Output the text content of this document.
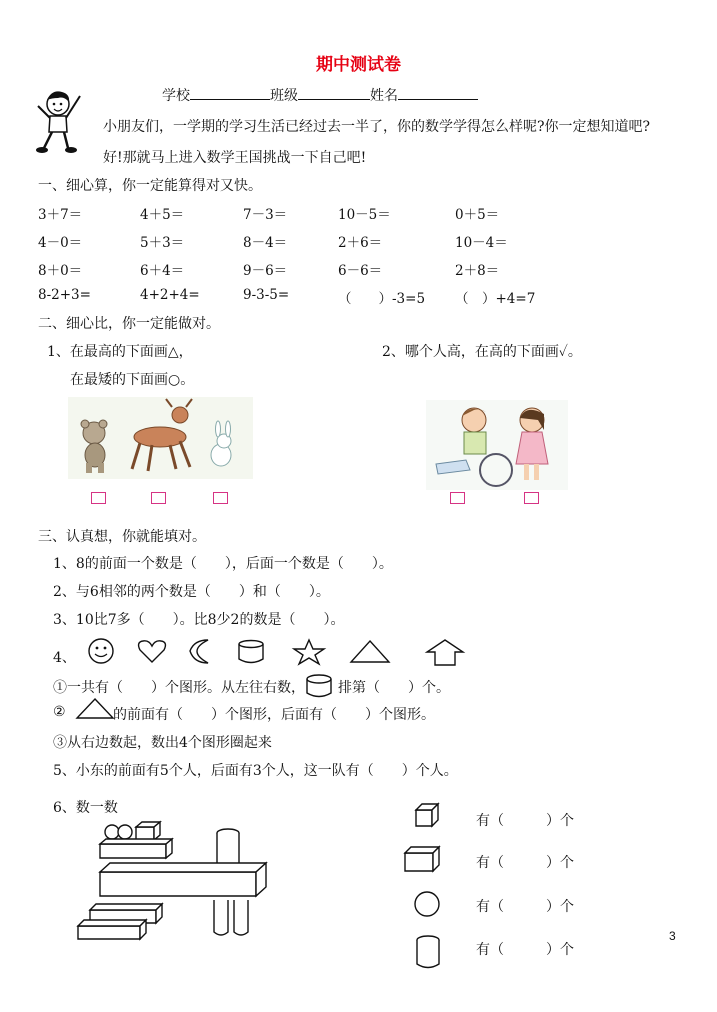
期中测试卷
学校	班级	姓名
小朋友们，一学期的学习生活已经过去一半了，你的数学学得怎么样呢?你一定想知道吧?
好!那就马上进入数学王国挑战一下自己吧!
一、细心算，你一定能算得对又快。
3＋7＝	4＋5＝	7－3＝	10－5＝	0＋5＝
4－0＝	5＋3＝	8－4＝	2＋6＝	10－4＝
8＋0＝	6＋4＝	9－6＝	6－6＝	2＋8＝
8-2+3=	4+2+4=	9-3-5=	（　　）-3=5 （　）+4=7
二、细心比，你一定能做对。
1、在最高的下面画△，
在最矮的下面画○。
2、哪个人高，在高的下面画✓。
三、认真想，你就能填对。
1、8的前面一个数是（　　），后面一个数是（　　）。
2、与6相邻的两个数是（　　）和（　　）。
3、10比7多（　　）。比8少2的数是（　　）。
4、
①一共有（　　）个图形。从左往右数， 排第（　　）个。
②	的前面有（　　）个图形，后面有（　　）个图形。
③从右边数起，数出4个图形圈起来
5、小东的前面有5个人，后面有3个人，这一队有（　　）个人。
6、数一数
有（　　　）个
有（　　　）个
有（　　　）个
有（　　　）个
3
